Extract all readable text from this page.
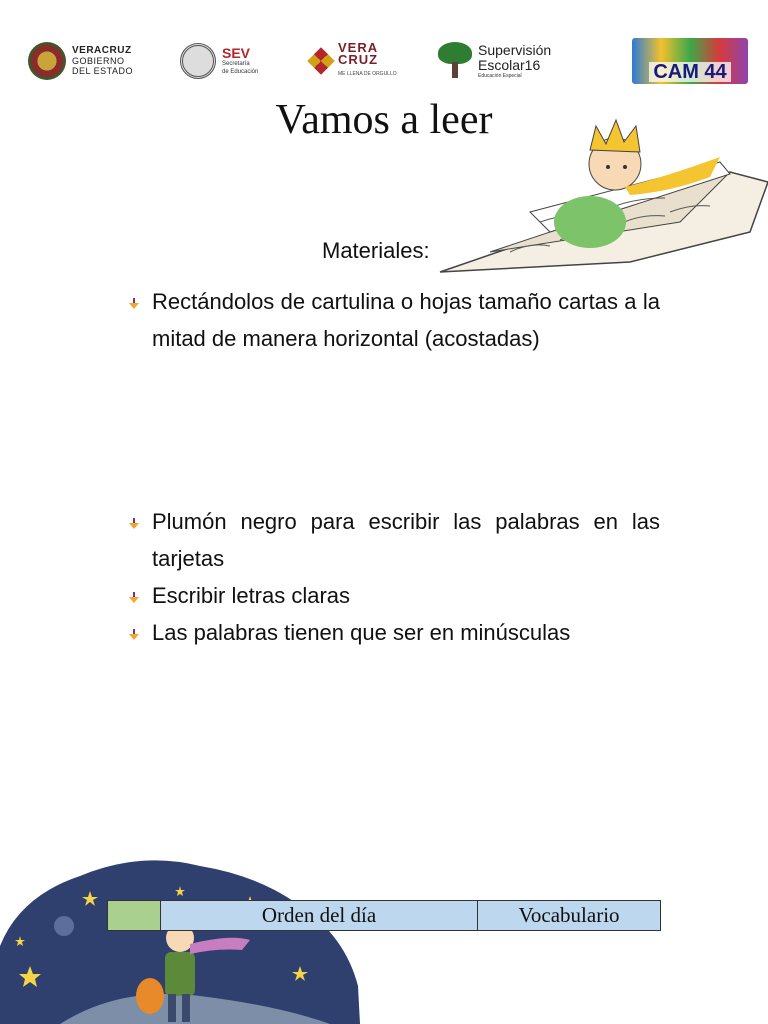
VERACRUZ
GOBIERNO
DEL ESTADO
SEV
Secretaría
de Educación
VERA
CRUZ
ME LLENA DE ORGULLO
Supervisión
Escolar16
Educación Especial	CAM 44
Vamos a leer
Materiales:
Rectándolos de cartulina o hojas tamaño cartas a la mitad de manera horizontal (acostadas)
Plumón negro para escribir las palabras en las tarjetas
Escribir letras claras
Las palabras tienen que ser en minúsculas
	Orden del día	Vocabulario
